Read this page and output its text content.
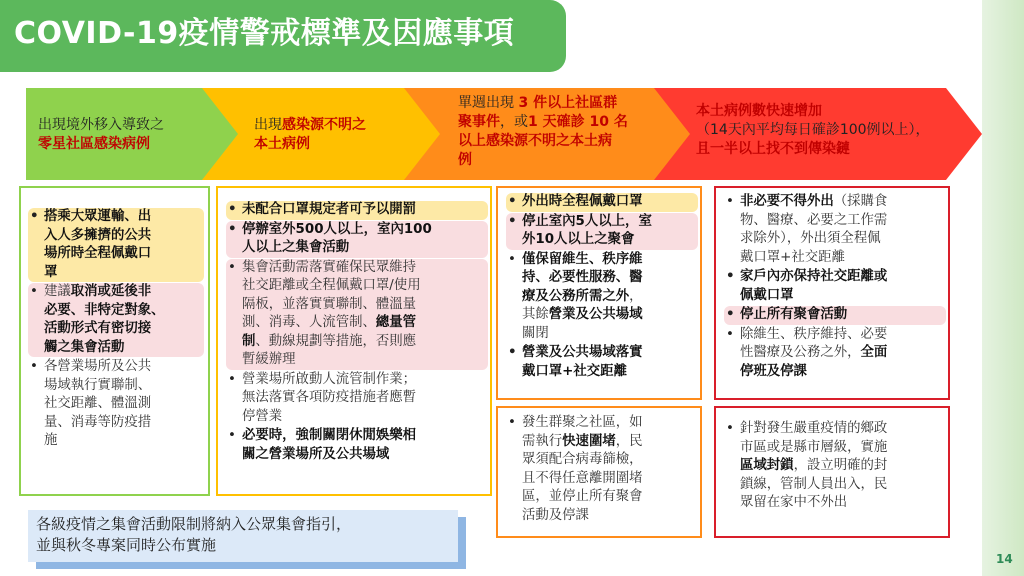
COVID-19疫情警戒標準及因應事項
出現境外移入導致之
零星社區感染病例
出現感染源不明之
本土病例
單週出現 3 件以上社區群
聚事件，或1 天確診 10 名
以上感染源不明之本土病
例
本土病例數快速增加
（14天內平均每日確診100例以上），
且一半以上找不到傳染鏈
• 搭乘大眾運輸、出
入人多擁擠的公共
場所時全程佩戴口
罩
• 建議取消或延後非
必要、非特定對象、
活動形式有密切接
觸之集會活動
• 各營業場所及公共
場域執行實聯制、
社交距離、體溫測
量、消毒等防疫措
施
• 未配合口罩規定者可予以開罰
• 停辦室外500人以上，室內100
人以上之集會活動
• 集會活動需落實確保民眾維持
社交距離或全程佩戴口罩/使用
隔板，並落實實聯制、體溫量
測、消毒、人流管制、總量管
制、動線規劃等措施，否則應
暫緩辦理
• 營業場所啟動人流管制作業；
無法落實各項防疫措施者應暫
停營業
• 必要時，強制關閉休閒娛樂相
關之營業場所及公共場域
• 外出時全程佩戴口罩
• 停止室內5人以上，室
外10人以上之聚會
• 僅保留維生、秩序維
持、必要性服務、醫
療及公務所需之外，
其餘營業及公共場域
關閉
• 營業及公共場域落實
戴口罩+社交距離
• 發生群聚之社區，如
需執行快速圍堵，民
眾須配合病毒篩檢，
且不得任意離開圍堵
區，並停止所有聚會
活動及停課
• 非必要不得外出（採購食
物、醫療、必要之工作需
求除外），外出須全程佩
戴口罩+社交距離
• 家戶內亦保持社交距離或
佩戴口罩
• 停止所有聚會活動
• 除維生、秩序維持、必要
性醫療及公務之外，全面
停班及停課
• 針對發生嚴重疫情的鄉政
市區或是縣市層級，實施
區域封鎖，設立明確的封
鎖線，管制人員出入，民
眾留在家中不外出
各級疫情之集會活動限制將納入公眾集會指引，
並與秋冬專案同時公布實施
14
